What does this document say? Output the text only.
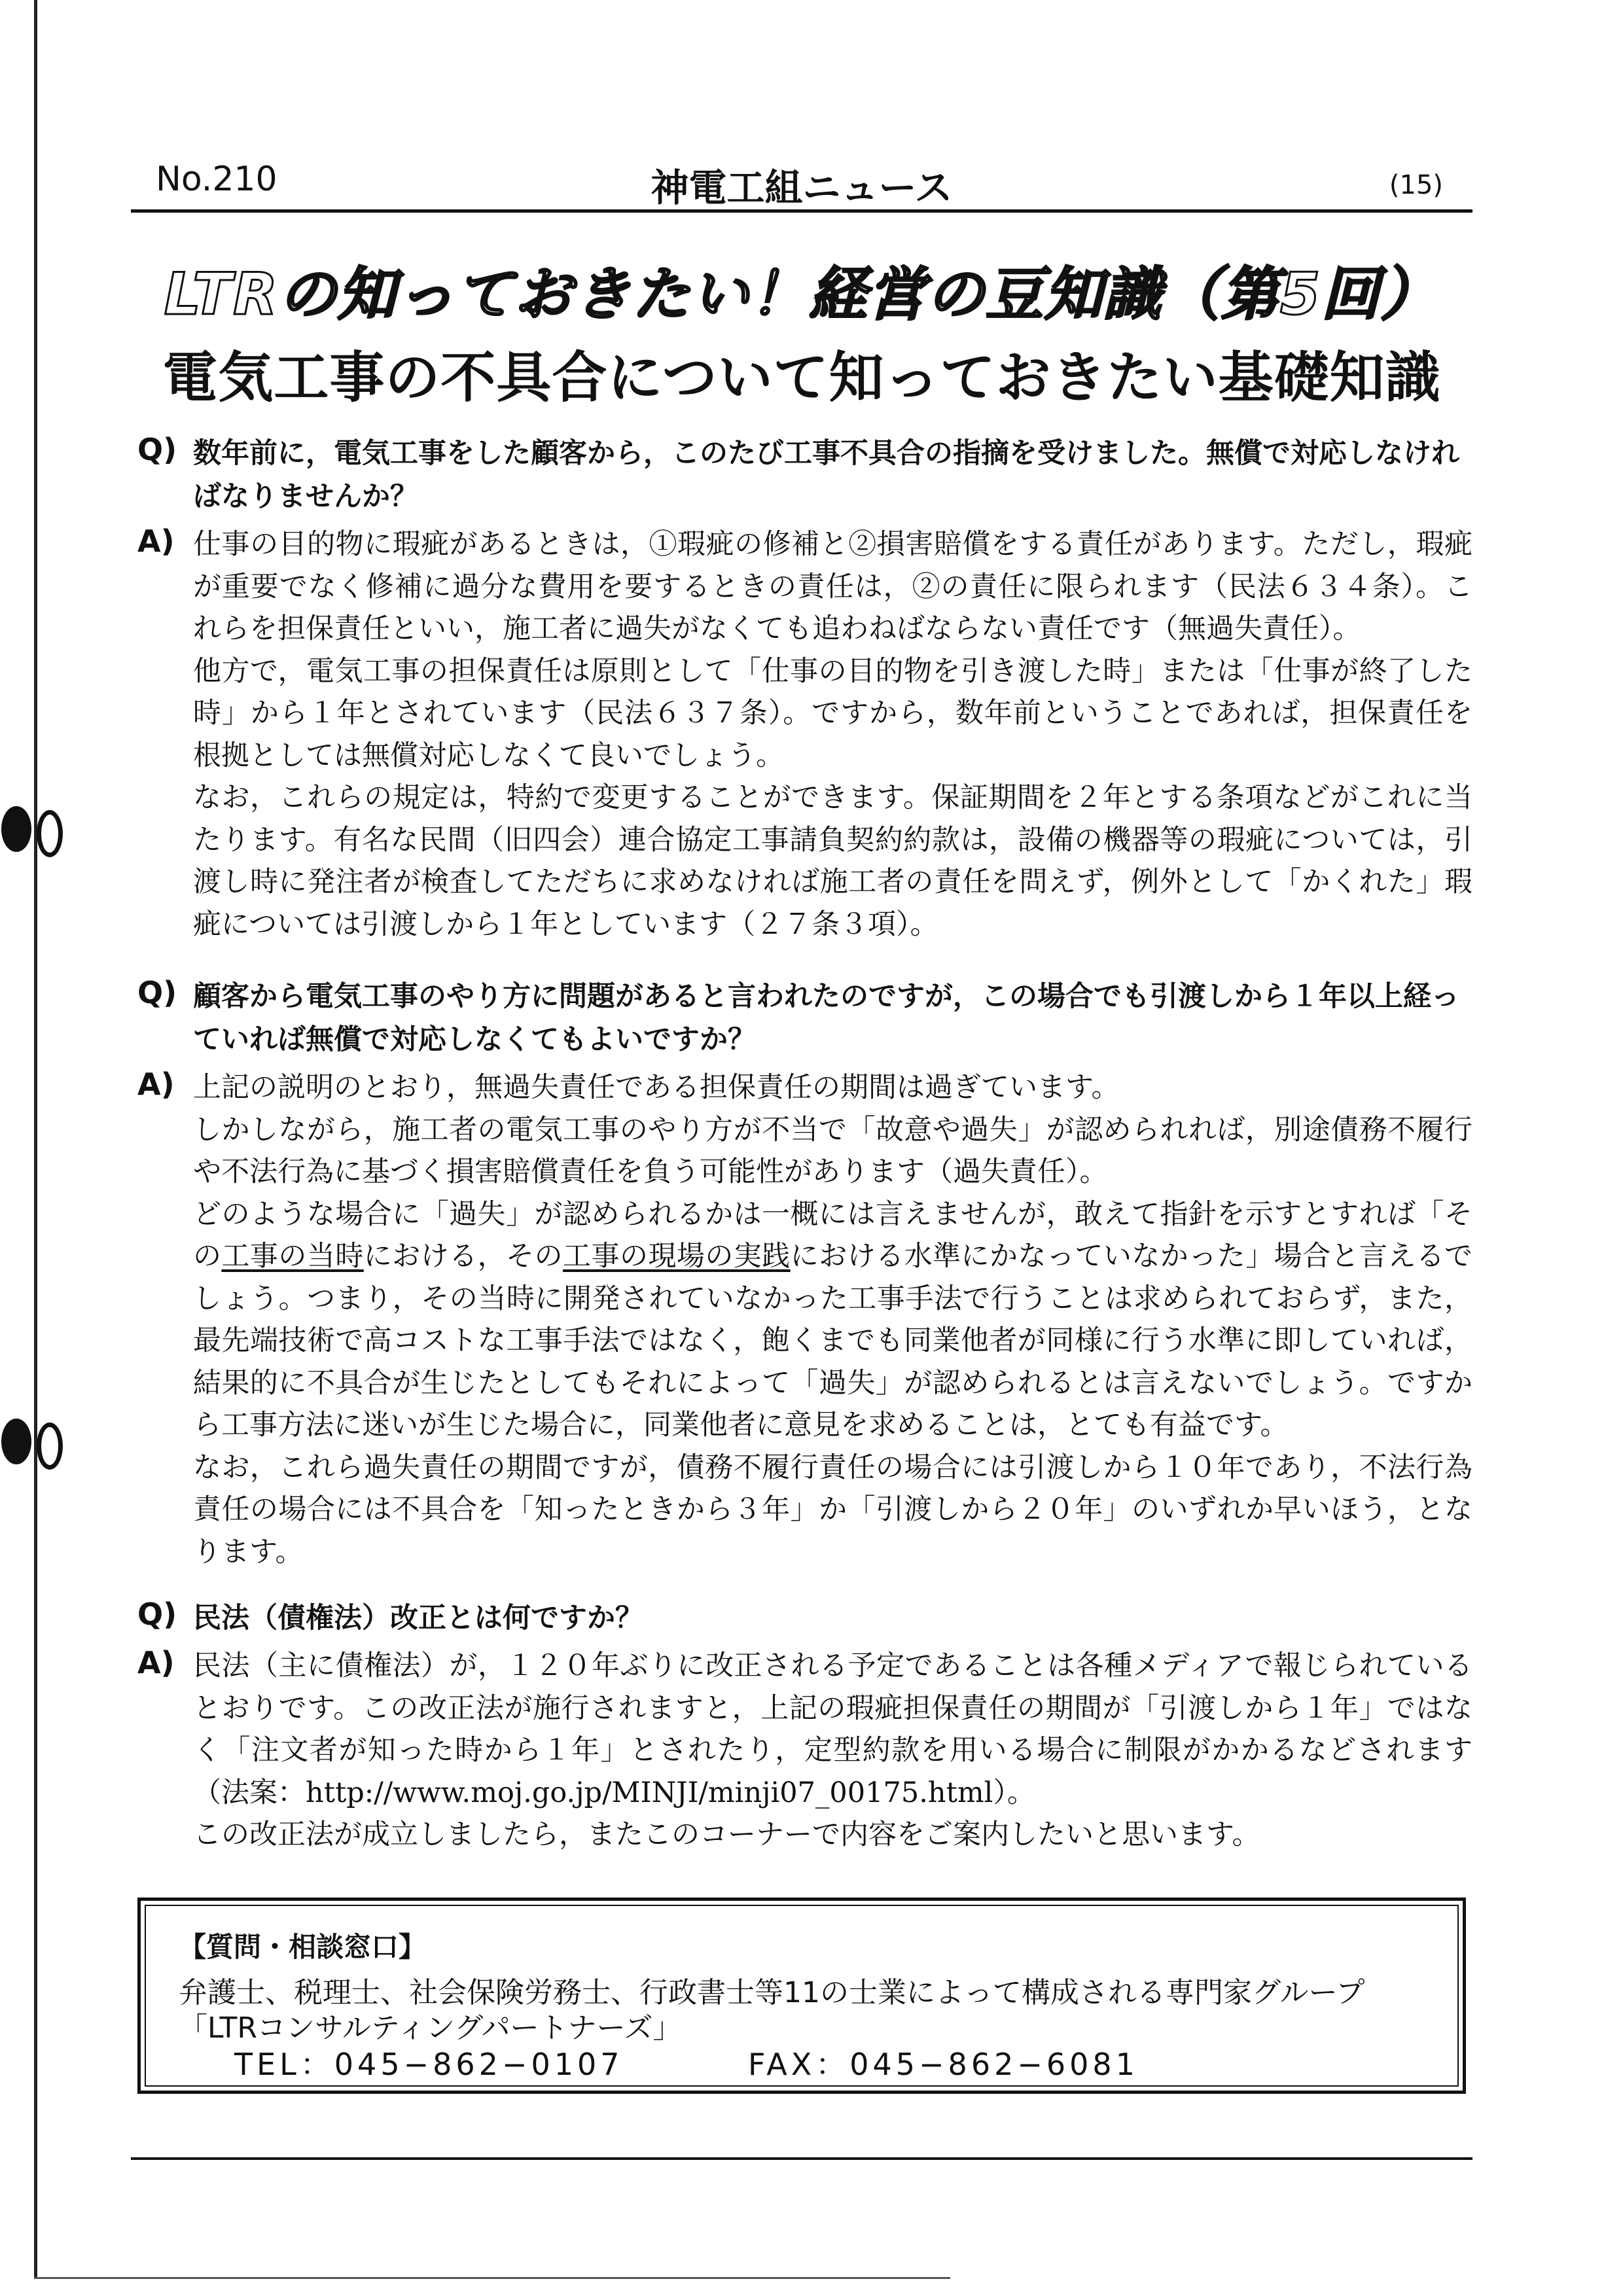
No.210	神電工組ニュース	(15)
LTRの知っておきたい！経営の豆知識（第5回）
電気工事の不具合について知っておきたい基礎知識
Q) 数年前に，電気工事をした顧客から，このたび工事不具合の指摘を受けました。無償で対応しなければなりませんか？
A) 仕事の目的物に瑕疵があるときは，①瑕疵の修補と②損害賠償をする責任があります。ただし，瑕疵が重要でなく修補に過分な費用を要するときの責任は，②の責任に限られます（民法６３４条）。これらを担保責任といい，施工者に過失がなくても追わねばならない責任です（無過失責任）。
他方で，電気工事の担保責任は原則として「仕事の目的物を引き渡した時」または「仕事が終了した時」から１年とされています（民法６３７条）。ですから，数年前ということであれば，担保責任を根拠としては無償対応しなくて良いでしょう。
なお，これらの規定は，特約で変更することができます。保証期間を２年とする条項などがこれに当たります。有名な民間（旧四会）連合協定工事請負契約約款は，設備の機器等の瑕疵については，引渡し時に発注者が検査してただちに求めなければ施工者の責任を問えず，例外として「かくれた」瑕疵については引渡しから１年としています（２７条３項）。
Q) 顧客から電気工事のやり方に問題があると言われたのですが，この場合でも引渡しから１年以上経っていれば無償で対応しなくてもよいですか？
A) 上記の説明のとおり，無過失責任である担保責任の期間は過ぎています。
しかしながら，施工者の電気工事のやり方が不当で「故意や過失」が認められれば，別途債務不履行や不法行為に基づく損害賠償責任を負う可能性があります（過失責任）。
どのような場合に「過失」が認められるかは一概には言えませんが，敢えて指針を示すとすれば「その工事の当時における，その工事の現場の実践における水準にかなっていなかった」場合と言えるでしょう。つまり，その当時に開発されていなかった工事手法で行うことは求められておらず，また，最先端技術で高コストな工事手法ではなく，飽くまでも同業他者が同様に行う水準に即していれば，結果的に不具合が生じたとしてもそれによって「過失」が認められるとは言えないでしょう。ですから工事方法に迷いが生じた場合に，同業他者に意見を求めることは，とても有益です。
なお，これら過失責任の期間ですが，債務不履行責任の場合には引渡しから１０年であり，不法行為責任の場合には不具合を「知ったときから３年」か「引渡しから２０年」のいずれか早いほう，となります。
Q) 民法（債権法）改正とは何ですか？
A) 民法（主に債権法）が，１２０年ぶりに改正される予定であることは各種メディアで報じられているとおりです。この改正法が施行されますと，上記の瑕疵担保責任の期間が「引渡しから１年」ではなく「注文者が知った時から１年」とされたり，定型約款を用いる場合に制限がかかるなどされます（法案：http://www.moj.go.jp/MINJI/minji07_00175.html）。
この改正法が成立しましたら，またこのコーナーで内容をご案内したいと思います。
【質問・相談窓口】
弁護士、税理士、社会保険労務士、行政書士等11の士業によって構成される専門家グループ
「LTRコンサルティングパートナーズ」
TEL：045−862−0107	FAX：045−862−6081
